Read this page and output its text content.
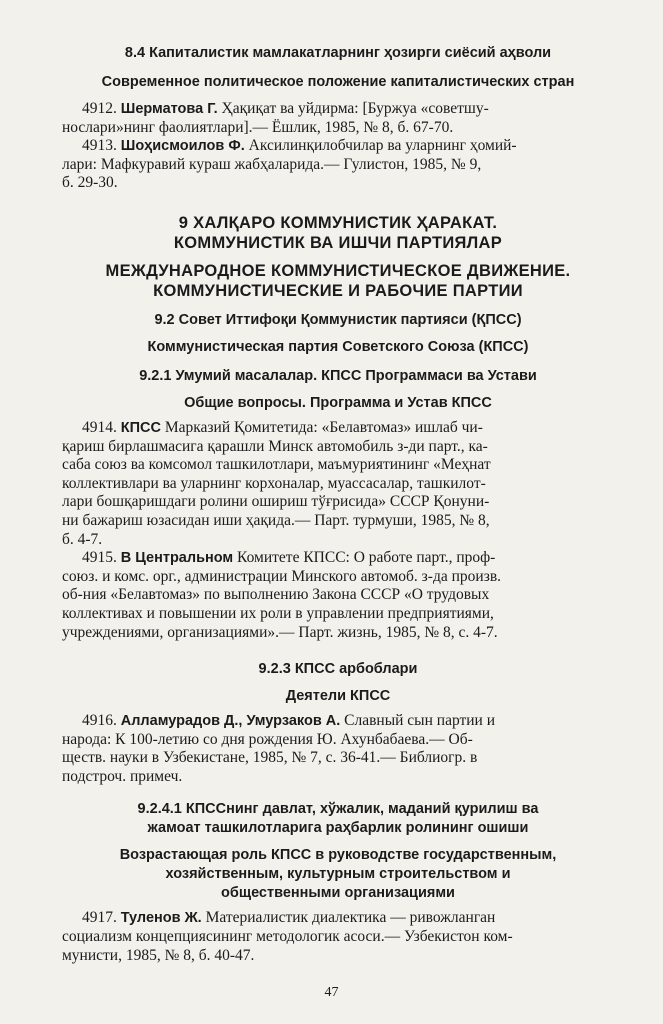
8.4 Капиталистик мамлакатларнинг ҳозирги сиёсий аҳволи
Современное политическое положение капиталистических стран
4912. Шерматова Г. Ҳақиқат ва уйдирма: [Буржуа «советшу-
нослари»нинг фаолиятлари].— Ёшлик, 1985, № 8, б. 67-70.
4913. Шоҳисмоилов Ф. Аксилинқилобчилар ва уларнинг ҳомий-
лари: Мафкуравий кураш жабҳаларида.— Гулистон, 1985, № 9,
б. 29-30.
9 ХАЛҚАРО КОММУНИСТИК ҲАРАКАТ.
КОММУНИСТИК ВА ИШЧИ ПАРТИЯЛАР
МЕЖДУНАРОДНОЕ КОММУНИСТИЧЕСКОЕ ДВИЖЕНИЕ.
КОММУНИСТИЧЕСКИЕ И РАБОЧИЕ ПАРТИИ
9.2 Совет Иттифоқи Қоммунистик партияси (ҚПСС)
Коммунистическая партия Советского Союза (КПСС)
9.2.1 Умумий масалалар. КПСС Программаси ва Устави
Общие вопросы. Программа и Устав КПСС
4914. КПСС Марказий Қомитетида: «Белавтомаз» ишлаб чи-
қариш бирлашмасига қарашли Минск автомобиль з-ди парт., ка-
саба союз ва комсомол ташкилотлари, маъмуриятининг «Меҳнат
коллективлари ва уларнинг корхоналар, муассасалар, ташкилот-
лари бошқаришдаги ролини ошириш тўғрисида» СССР Қонуни-
ни бажариш юзасидан иши ҳақида.— Парт. турмуши, 1985, № 8,
б. 4-7.
4915. В Центральном Комитете КПСС: О работе парт., проф-
союз. и комс. орг., администрации Минского автомоб. з-да произв.
об-ния «Белавтомаз» по выполнению Закона СССР «О трудовых
коллективах и повышении их роли в управлении предприятиями,
учреждениями, организациями».— Парт. жизнь, 1985, № 8, с. 4-7.
9.2.3 КПСС арбоблари
Деятели КПСС
4916. Алламурадов Д., Умурзаков А. Славный сын партии и
народа: К 100-летию со дня рождения Ю. Ахунбабаева.— Об-
ществ. науки в Узбекистане, 1985, № 7, с. 36-41.— Библиогр. в
подстроч. примеч.
9.2.4.1 КПССнинг давлат, хўжалик, маданий қурилиш ва
жамоат ташкилотларига раҳбарлик ролининг ошиши
Возрастающая роль КПСС в руководстве государственным,
хозяйственным, культурным строительством и
общественными организациями
4917. Туленов Ж. Материалистик диалектика — ривожланган
социализм концепциясининг методологик асоси.— Узбекистон ком-
мунисти, 1985, № 8, б. 40-47.
47
